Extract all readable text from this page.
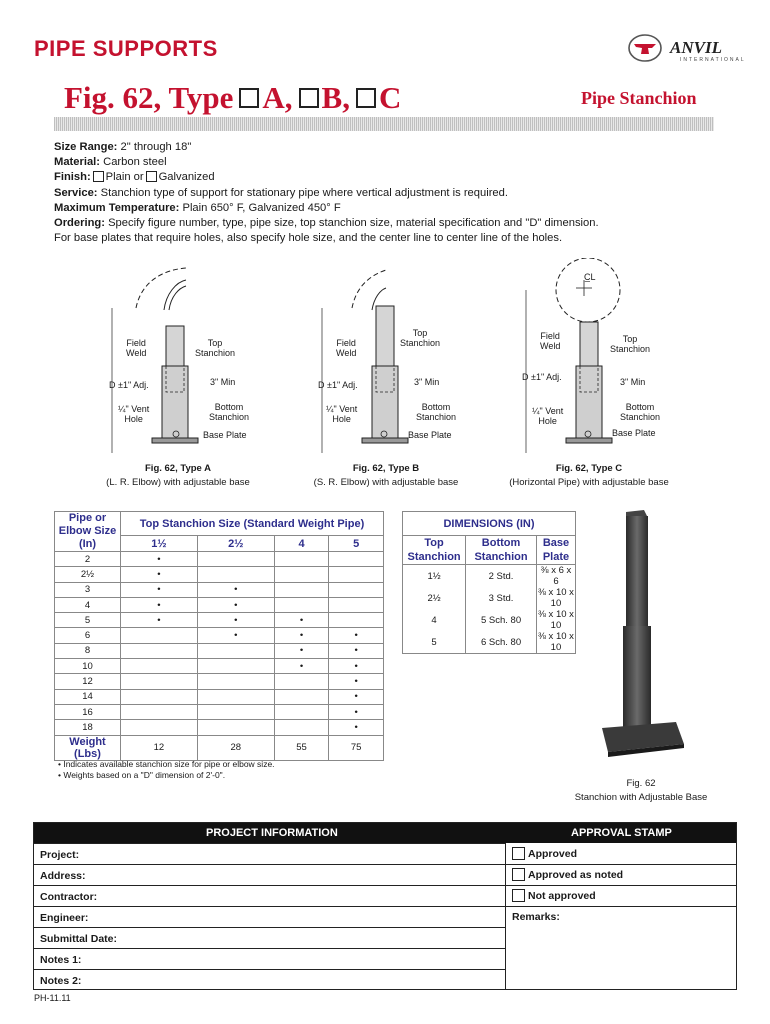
PIPE SUPPORTS	ANVIL
INTERNATIONAL
Fig. 62, Type A, B, C	Pipe Stanchion
Size Range: 2" through 18"
Material: Carbon steel
Finish: Plain or Galvanized
Service: Stanchion type of support for stationary pipe where vertical adjustment is required.
Maximum Temperature: Plain 650° F, Galvanized 450° F
Ordering: Specify figure number, type, pipe size, top stanchion size, material specification and "D" dimension.
For base plates that require holes, also specify hole size, and the center line to center line of the holes.
Field
Weld
Top
Stanchion
D ±1" Adj.	3" Min
¼" Vent
Hole
Bottom
Stanchion
Base Plate
Fig. 62, Type A
(L. R. Elbow) with adjustable base
Field
Weld
Top
Stanchion
D ±1" Adj.	3" Min
¼" Vent
Hole
Bottom
Stanchion
Base Plate
Fig. 62, Type B
(S. R. Elbow) with adjustable base
C̲L
Field
Weld
Top
Stanchion
D ±1" Adj.	3" Min
¼" Vent
Hole
Bottom
Stanchion
Base Plate
Fig. 62, Type C
(Horizontal Pipe) with adjustable base
Pipe or Elbow Size (In)	Top Stanchion Size (Standard Weight Pipe)			
	1½	2½	4	5
2	•			
2½	•			
3	•	•		
4	•	•		
5	•	•	•	
6		•	•	•
8			•	•
10			•	•
12				•
14				•
16				•
18				•
Weight (Lbs)	12	28	55	75
DIMENSIONS (IN)		
Top Stanchion	Bottom Stanchion	Base Plate
1½	2 Std.	⅜ x 6 x 6
2½	3 Std.	⅜ x 10 x 10
4	5 Sch. 80	⅜ x 10 x 10
5	6 Sch. 80	⅜ x 10 x 10
Fig. 62
Stanchion with Adjustable Base
• Indicates available stanchion size for pipe or elbow size.
• Weights based on a "D" dimension of 2'-0".
PROJECT INFORMATION	APPROVAL STAMP
Project:
Address:
Contractor:
Engineer:
Submittal Date:
Notes 1:
Notes 2:
Approved
Approved as noted
Not approved
Remarks:
PH-11.11
